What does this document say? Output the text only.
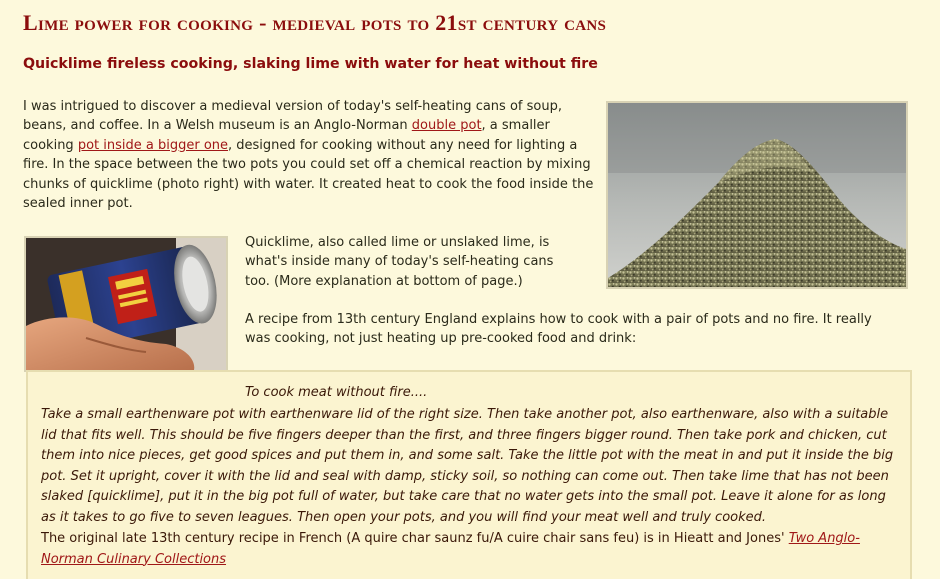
Lime power for cooking - medieval pots to 21st century cans
Quicklime fireless cooking, slaking lime with water for heat without fire

I was intrigued to discover a medieval version of today's self-heating cans of soup, beans, and coffee. In a Welsh museum is an Anglo-Norman double pot, a smaller cooking pot inside a bigger one, designed for cooking without any need for lighting a fire. In the space between the two pots you could set off a chemical reaction by mixing chunks of quicklime (photo right) with water. It created heat to cook the food inside the sealed inner pot.

Quicklime, also called lime or unslaked lime, is what's inside many of today's self-heating cans too. (More explanation at bottom of page.)

A recipe from 13th century England explains how to cook with a pair of pots and no fire. It really was cooking, not just heating up pre-cooked food and drink:

To cook meat without fire....

Take a small earthenware pot with earthenware lid of the right size. Then take another pot, also earthenware, also with a suitable lid that fits well. This should be five fingers deeper than the first, and three fingers bigger round. Then take pork and chicken, cut them into nice pieces, get good spices and put them in, and some salt. Take the little pot with the meat in and put it inside the big pot. Set it upright, cover it with the lid and seal with damp, sticky soil, so nothing can come out. Then take lime that has not been slaked [quicklime], put it in the big pot full of water, but take care that no water gets into the small pot. Leave it alone for as long as it takes to go five to seven leagues. Then open your pots, and you will find your meat well and truly cooked.

The original late 13th century recipe in French (A quire char saunz fu/A cuire chair sans feu) is in Hieatt and Jones' Two Anglo-Norman Culinary Collections
